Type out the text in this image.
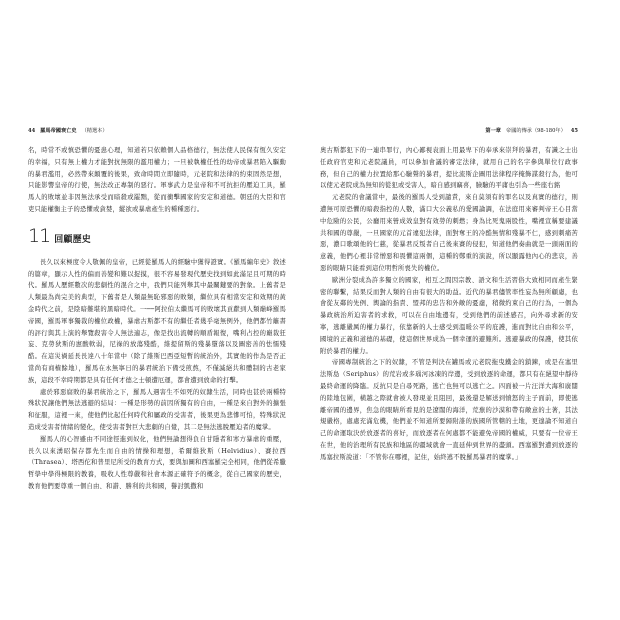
44 羅馬帝國衰亡史 （精選本）

名，時常不或慎恐懼的憂患心理，知道若只依賴個人品格德行，無法使人民保有恆久安定的幸福，只有無上權力才能對抗無限的濫用權力；一旦被執權任性的幼帝或暴君陷入驅動的暴君濫用，必然帶來顛覆的後果，致命時間立即隨時，元老院和法律的約束固然是想，只能影響皇帝的行使，無法改正專制的惡行。軍事武力是皇帝和不可抗拒的壓迫工具，羅馬人的敗壞並非因無法承受而暗殺或罷黜，從而衝擊國家的安定和道德。朝廷的大臣和官吏只能權衡主子的恐懼或貪婪，縱欲或暴虐產生的種種惡行。

11 回顧歷史

長久以來極度令人敬佩的皇帝，已經從羅馬人的經驗中獲得證實。《羅馬編年史》敘述的篇章，顯示人性的偏而善變和難以捉摸，很不容易發現代歷史找到如此滿足且可期的時代。羅馬人歷經數次的悲劇性的混合之中，我們只能列舉其中最關鍵要的對象。上舊者是人類最為尚完美的典型，下舊者是人類最無恥邪惡的敗類，繼位具有相當安定和效期的黃金時代之前，是陰暗難堪的黑暗時代。一──阿拉伯太繼馬可的敗壞其貢獻到人類巔峰羅馬帝國，羅馬軍事獨裁的權位政權，暴虐古斯都不有的繼任者幾乎毫無例外，他們都竹籬書的評行與其上演的舉覽殺害令人無法適志，像是找出流轉的順盾報復，嘴利占控的巔裁狂妄、克勞狄斯的憲酸軟弱，尼祿的放蕩殘酷，維提留斯的殘暴墮落以及圖密善的怯懦殘酷。在這災禍延長長達八十年當中（除了維斯巴西亞短暫的統治外，其實他的作為是否正當尚有商榷餘地），羅馬在永無寧日的暴君統治下備受煎熬，不僅滅絕共和體制的古老家族，這段不幸時期都是具有任何才德之士頓遭厄運，都會遭到放命的打擊。

處於邪惡腐敗的暴君統治之下，羅馬人遇害生不如死的奴隸生活，同時也甚於兩種特殊狀況讓他們無法逃避的結局：一種是形勢的前因所獨有的自由，一種是來自對外的擴張和征服，這裡一來，使他們比起任何時代和屬政的受害者，後果更為悲慘可怕，特殊狀況造成受害者情緒的變化，使受害者對巨大悲劇的自覺，其二是無法逃脫壓迫者的魔掌。

羅馬人的心智雖由不同途徑進到奴化，他們無論想得負自甘隱者和寒方暴虐的重壓，長久以來湧昭保存都先生而自由的情操和理想，希爾維狄斯（Helvidius）、賽拉西（Thrasea）、塔西佗和普里尼所受的教育方式，要與加圖和西塞羅完全相同，他們從希臘哲學中學得極限的教養，吸收人性尊嚴和社會本源正確符予的概念，從自己國家的歷史，教育他們要尊重一個自由、和諧、勝利的共和國，譽討凱撒和

第一章 帝國的傳承（98-180年） 45

奧古斯都犯下的一連串罪行，內心鄙視袁面上用最卑下的奉承來崇拜的暴君，有識之士出任政府官吏和元老院議員，可以參加會議的審定法律，就用自己的名字參與單位行政事務，但自己的權力拉置給那心驗聲的暴君，提比流斯企圖用法律程序掩飾謀殺行為，他可以使元老院成為無知的從犯或受害人，暗自感到竊喜，臉驗的平庸也引為一些座右銘

元老院的會議當中，最後的羅馬人受到譴責，來自莫須有的罪名以及真實的德行，則遭無可原恐懼的暗殺指控的人數，滿口大公義私的愛國論調，在法庭用來審判帝王心目當中危險的公民，公廳用來營成效皇對有效勞的刺燃；身為比死鬼兩股性，嘴裡宣稱要建議共和國的尊嚴，一旦國家的元首違犯法律，面對奪王的冷酷無情和殘暴不仁，感到刺痛苦惡，濃口歌頌他的仁慈，從暴君反叛者自己後來賽的侵犯，知道他們奏曲就是一頭兩面的意義，他們心裡非常憎惡和畏懼這兩個，這種的鄭重的演說，所以顯露他內心的悲哀，善惡的眼睛只能看到這位明哲所喪失的權位。

歐洲分裂成為許多獨立的國家，相互之間因宗教、語文和生活習俗大致相同而產生緊密的聯繫，結果反而對人類的自由有很大的助益。近代的暴君儘管率性妄為無所顧慮，也會從友鄰的先例、輿論的指責、盟邦的忠告和外敵的憂慮，稍微約束自己的行為，一個為暴政統治所迫害者的求救，可以在自由地邊有，受到他們的前述感召，向外尋求新的安寧，逃離嚴厲的權力暴行，依靠新的人士感受到溫暖公平的庇護，進而對比自由和公平，國境的正義和道德的基礎，使這個世界成為一個幸運的避難所。逃避暴政的保護，使其依附於暴君的權力。

帝國專制統治之下的奴隸，不管是判決在罐馬或元老院拖曳鐵金的鎖鍊，或是在塞里法斯島（Seriphus）的荒岩或多瑙河冰凍的岸邊，受到放逐的命運，都只有在絕望中靜待最終命運的降臨。反抗只是自尋死路，逃亡也無可以逃亡之。四面被一片汪洋大海和廣闊的陸地包圍，橫越之際就會被人發現並且阻回，最後還是解送到憤怒的主子面前，即使逃離帝國的邊界，焦急的眼睛所看見的是遼闊的海洋，荒蕪的沙漠和帶有敵意的土著，其法規嚴格，處處充滿危機，他們並不知道所要歸附誰的族國所管轄的土地，更遑論不知道自己的命運取決於放逐者的喜好，而放逐者在何處都不能避免帝國的權威，只要有一位帝王在世，他的治理所有民族和地區的疆域就會一直延伸到世界的盡頭。西塞羅對遭到放逐的馬塞拉斯說道：「不管你在哪裡，記住，始終逃不脫羅馬暴君的魔掌。」
